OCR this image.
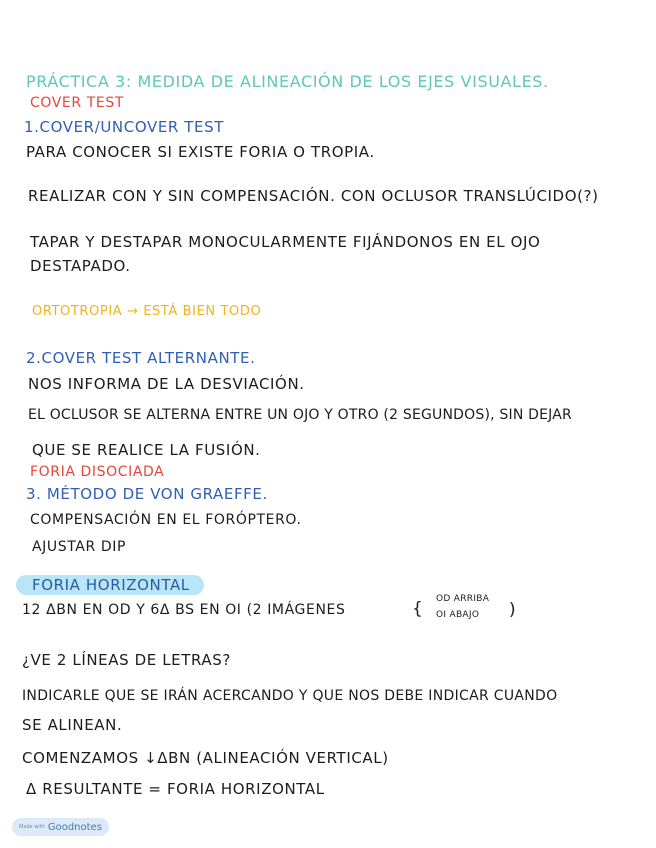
PRÁCTICA 3: MEDIDA DE ALINEACIÓN DE LOS EJES VISUALES.
COVER TEST
1.COVER/UNCOVER TEST
PARA CONOCER SI EXISTE FORIA O TROPIA.
REALIZAR CON Y SIN COMPENSACIÓN. CON OCLUSOR TRANSLÚCIDO(?)
TAPAR Y DESTAPAR MONOCULARMENTE FIJÁNDONOS EN EL OJO
DESTAPADO.
ORTOTROPIA → ESTÁ BIEN TODO
2.COVER TEST ALTERNANTE.
NOS INFORMA DE LA DESVIACIÓN.
EL OCLUSOR SE ALTERNA ENTRE UN OJO Y OTRO (2 SEGUNDOS), SIN DEJAR
QUE SE REALICE LA FUSIÓN.
FORIA DISOCIADA
3. MÉTODO DE VON GRAEFFE.
COMPENSACIÓN EN EL FORÓPTERO.
AJUSTAR DIP
FORIA HORIZONTAL
12 ΔBN EN OD Y 6Δ BS EN OI (2 IMÁGENES	{ OD ARRIBA
OI ABAJO )
¿VE 2 LÍNEAS DE LETRAS?
INDICARLE QUE SE IRÁN ACERCANDO Y QUE NOS DEBE INDICAR CUANDO
SE ALINEAN.
COMENZAMOS ↓ΔBN (ALINEACIÓN VERTICAL)
Δ RESULTANTE = FORIA HORIZONTAL
Made with Goodnotes
